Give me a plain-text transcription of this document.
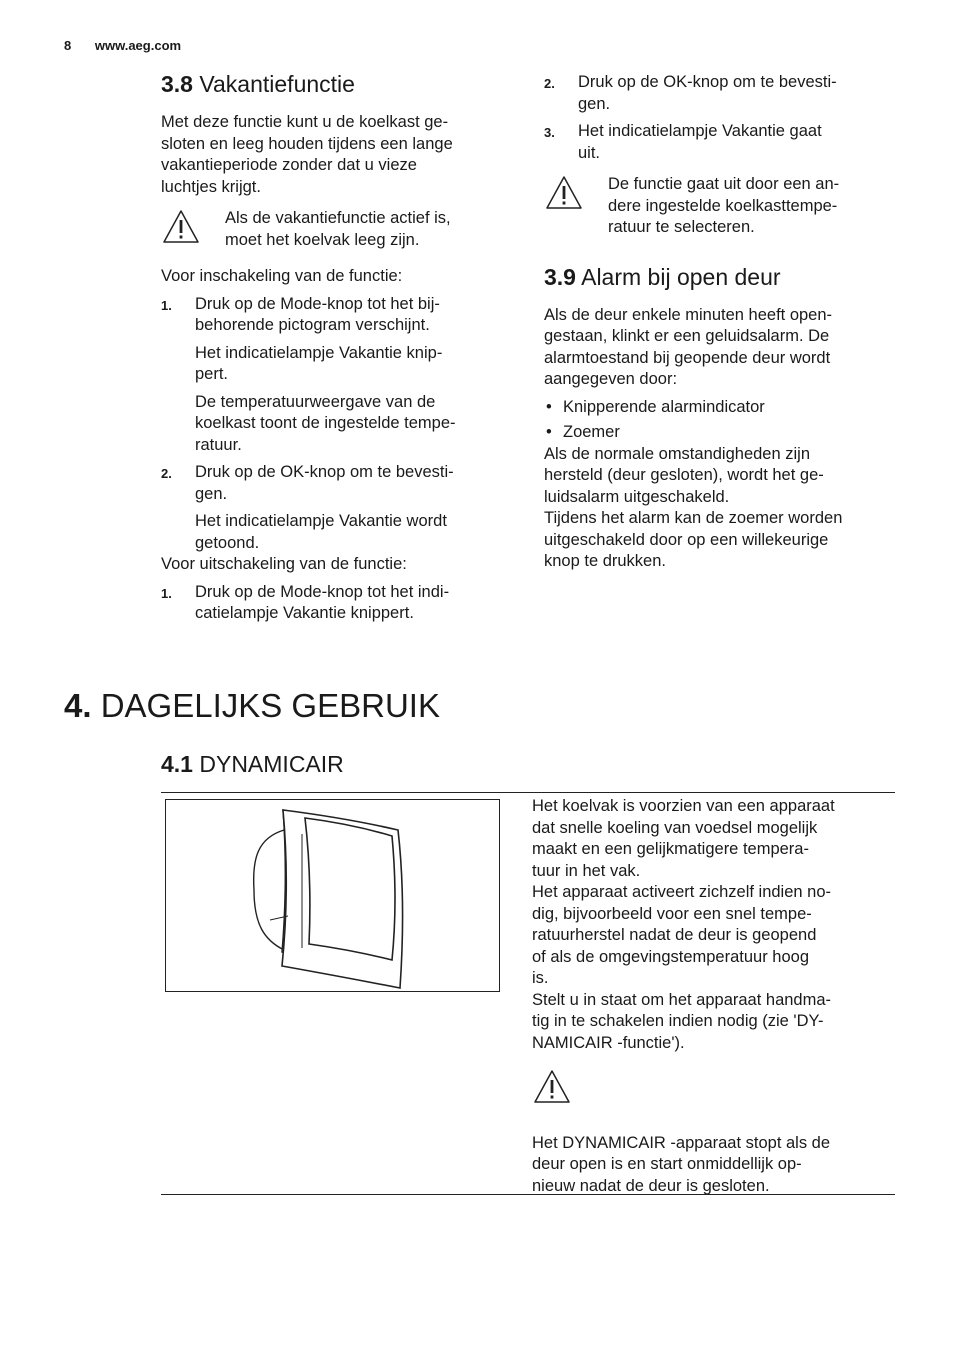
8 www.aeg.com
3.8 Vakantiefunctie

Met deze functie kunt u de koelkast ge-
sloten en leeg houden tijdens een lange
vakantieperiode zonder dat u vieze
luchtjes krijgt.

Als de vakantiefunctie actief is,
moet het koelvak leeg zijn.

Voor inschakeling van de functie:

1. Druk op de Mode-knop tot het bij-
behorende pictogram verschijnt.

Het indicatielampje Vakantie knip-
pert.

De temperatuurweergave van de
koelkast toont de ingestelde tempe-
ratuur.

2. Druk op de OK-knop om te bevesti-
gen.

Het indicatielampje Vakantie wordt
getoond.

Voor uitschakeling van de functie:

1. Druk op de Mode-knop tot het indi-
catielampje Vakantie knippert.

2. Druk op de OK-knop om te bevesti-
gen.

3. Het indicatielampje Vakantie gaat
uit.

De functie gaat uit door een an-
dere ingestelde koelkasttempe-
ratuur te selecteren.

3.9 Alarm bij open deur

Als de deur enkele minuten heeft open-
gestaan, klinkt er een geluidsalarm. De
alarmtoestand bij geopende deur wordt
aangegeven door:

• Knipperende alarmindicator
• Zoemer

Als de normale omstandigheden zijn
hersteld (deur gesloten), wordt het ge-
luidsalarm uitgeschakeld.

Tijdens het alarm kan de zoemer worden
uitgeschakeld door op een willekeurige
knop te drukken.

4. DAGELIJKS GEBRUIK
4.1 DYNAMICAIR

Het koelvak is voorzien van een apparaat
dat snelle koeling van voedsel mogelijk
maakt en een gelijkmatigere tempera-
tuur in het vak.

Het apparaat activeert zichzelf indien no-
dig, bijvoorbeeld voor een snel tempe-
ratuurherstel nadat de deur is geopend
of als de omgevingstemperatuur hoog
is.

Stelt u in staat om het apparaat handma-
tig in te schakelen indien nodig (zie 'DY-
NAMICAIR -functie').

Het DYNAMICAIR -apparaat stopt als de
deur open is en start onmiddellijk op-
nieuw nadat de deur is gesloten.
